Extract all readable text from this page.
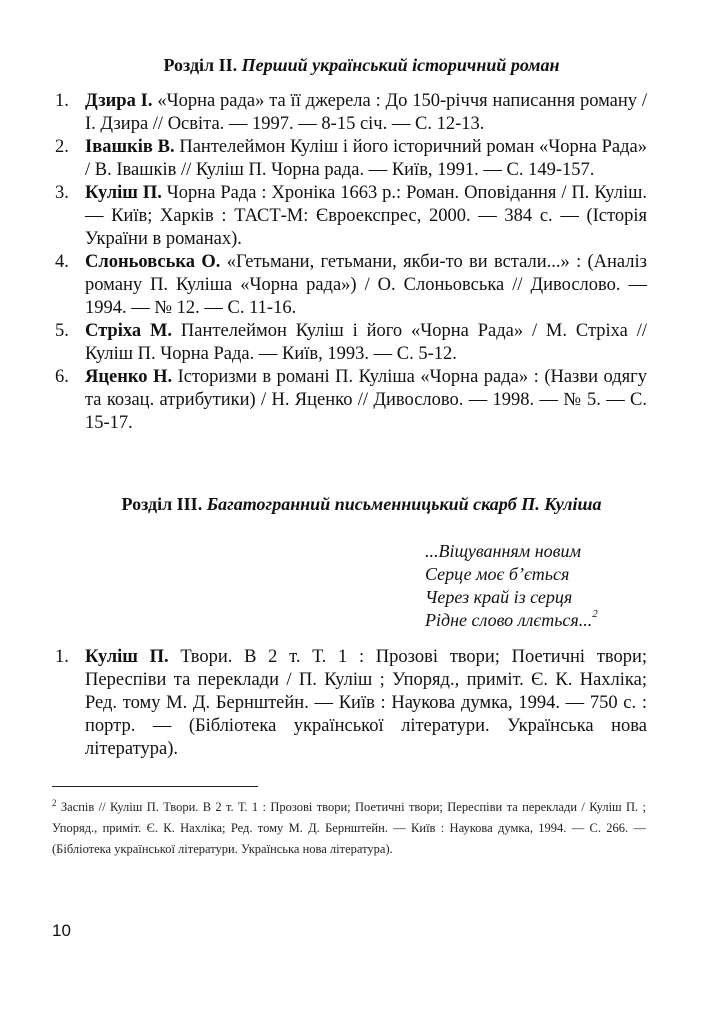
Розділ ІІ. Перший український історичний роман
1. Дзира І. «Чорна рада» та її джерела : До 150-річчя написання роману / І. Дзира // Освіта. — 1997. — 8-15 січ. — С. 12-13.
2. Івашків В. Пантелеймон Куліш і його історичний роман «Чорна Рада» / В. Івашків // Куліш П. Чорна рада. — Київ, 1991. — С. 149-157.
3. Куліш П. Чорна Рада : Хроніка 1663 р.: Роман. Оповідання / П. Куліш. — Київ; Харків : ТАСТ-М: Євроекспрес, 2000. — 384 с. — (Історія України в романах).
4. Слоньовська О. «Гетьмани, гетьмани, якби-то ви встали...» : (Аналіз роману П. Куліша «Чорна рада») / О. Слоньовська // Дивослово. — 1994. — № 12. — С. 11-16.
5. Стріха М. Пантелеймон Куліш і його «Чорна Рада» / М. Стріха // Куліш П. Чорна Рада. — Київ, 1993. — С. 5-12.
6. Яценко Н. Історизми в романі П. Куліша «Чорна рада» : (Назви одягу та козац. атрибутики) / Н. Яценко // Дивослово. — 1998. — № 5. — С. 15-17.
Розділ ІІІ. Багатогранний письменницький скарб П. Куліша
...Віщуванням новим
Серце моє б’ється
Через край із серця
Рідне слово ллється...$^2$
1. Куліш П. Твори. В 2 т. Т. 1 : Прозові твори; Поетичні твори; Переспіви та переклади / П. Куліш ; Упоряд., приміт. Є. К. Нахліка; Ред. тому М. Д. Бернштейн. — Київ : Наукова думка, 1994. — 750 с. : портр. — (Бібліотека української літератури. Українська нова література).
$^2$ Заспів // Куліш П. Твори. В 2 т. Т. 1 : Прозові твори; Поетичні твори; Переспіви та переклади / Куліш П. ; Упоряд., приміт. Є. К. Нахліка; Ред. тому М. Д. Бернштейн. — Київ : Наукова думка, 1994. — С. 266. — (Бібліотека української літератури. Українська нова література).
10
